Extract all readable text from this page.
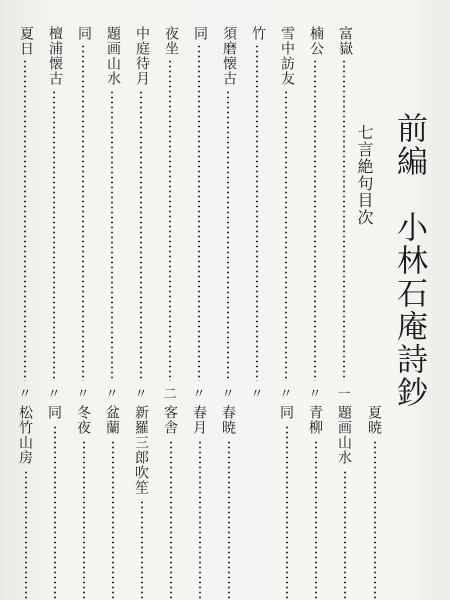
前編　小林石庵詩鈔
七言絶句目次
富嶽
一
楠公
〃
雪中訪友
〃
竹
〃
須磨懐古
〃
同
〃
夜坐
二
中庭待月
〃
題画山水
〃
同
〃
檀浦懐古
〃
夏日
〃
夏暁
題画山水
青柳
同
春暁
春月
客舎
新羅三郎吹笙
盆蘭
冬夜
同
松竹山房
